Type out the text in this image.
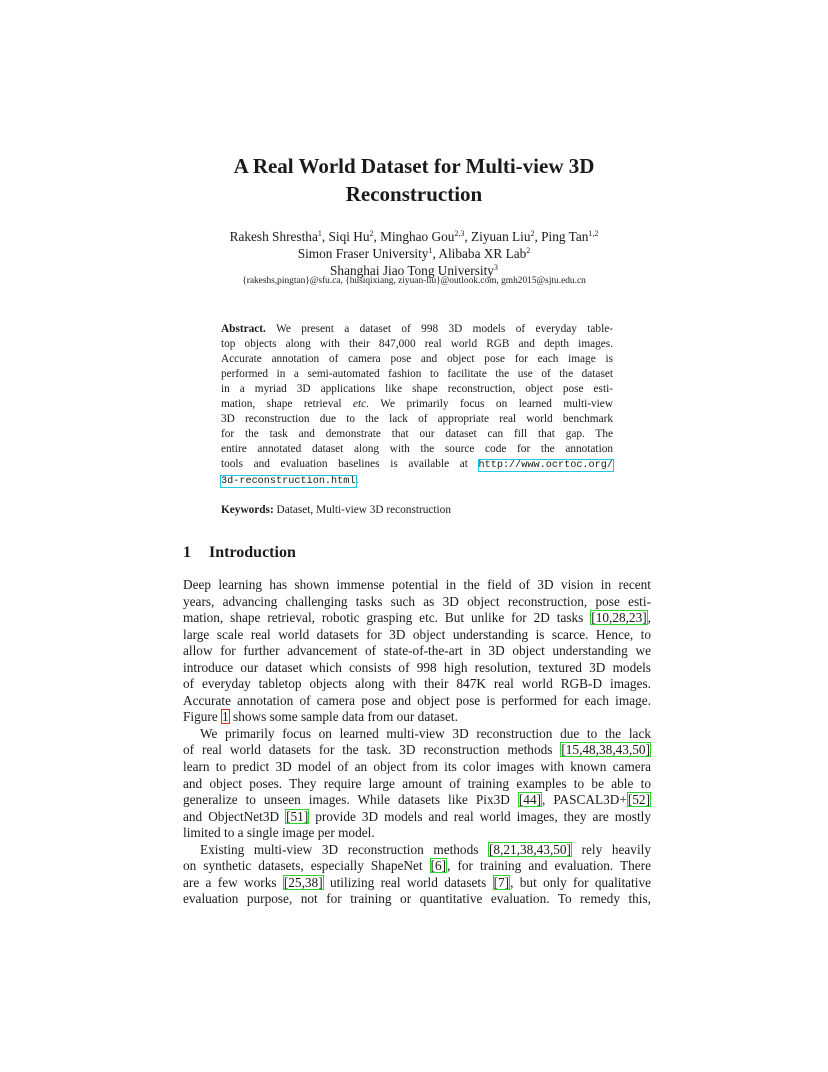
A Real World Dataset for Multi-view 3D
Reconstruction
Rakesh Shrestha$^1$, Siqi Hu$^2$, Minghao Gou$^{2,3}$, Ziyuan Liu$^2$, Ping Tan$^{1,2}$
Simon Fraser University$^1$, Alibaba XR Lab$^2$
Shanghai Jiao Tong University$^3$
{rakeshs,pingtan}@sfu.ca, {husiqixiang, ziyuan-liu}@outlook.com, gmh2015@sjtu.edu.cn
Abstract. We present a dataset of 998 3D models of everyday table-
top objects along with their 847,000 real world RGB and depth images.
Accurate annotation of camera pose and object pose for each image is
performed in a semi-automated fashion to facilitate the use of the dataset
in a myriad 3D applications like shape reconstruction, object pose esti-
mation, shape retrieval etc. We primarily focus on learned multi-view
3D reconstruction due to the lack of appropriate real world benchmark
for the task and demonstrate that our dataset can fill that gap. The
entire annotated dataset along with the source code for the annotation
tools and evaluation baselines is available at http://www.ocrtoc.org/
3d-reconstruction.html.
Keywords: Dataset, Multi-view 3D reconstruction
1 Introduction
Deep learning has shown immense potential in the field of 3D vision in recent
years, advancing challenging tasks such as 3D object reconstruction, pose esti-
mation, shape retrieval, robotic grasping etc. But unlike for 2D tasks [10,28,23],
large scale real world datasets for 3D object understanding is scarce. Hence, to
allow for further advancement of state-of-the-art in 3D object understanding we
introduce our dataset which consists of 998 high resolution, textured 3D models
of everyday tabletop objects along with their 847K real world RGB-D images.
Accurate annotation of camera pose and object pose is performed for each image.
Figure 1 shows some sample data from our dataset.
We primarily focus on learned multi-view 3D reconstruction due to the lack
of real world datasets for the task. 3D reconstruction methods [15,48,38,43,50]
learn to predict 3D model of an object from its color images with known camera
and object poses. They require large amount of training examples to be able to
generalize to unseen images. While datasets like Pix3D [44], PASCAL3D+[52]
and ObjectNet3D [51] provide 3D models and real world images, they are mostly
limited to a single image per model.
Existing multi-view 3D reconstruction methods [8,21,38,43,50] rely heavily
on synthetic datasets, especially ShapeNet [6], for training and evaluation. There
are a few works [25,38] utilizing real world datasets [7], but only for qualitative
evaluation purpose, not for training or quantitative evaluation. To remedy this,
